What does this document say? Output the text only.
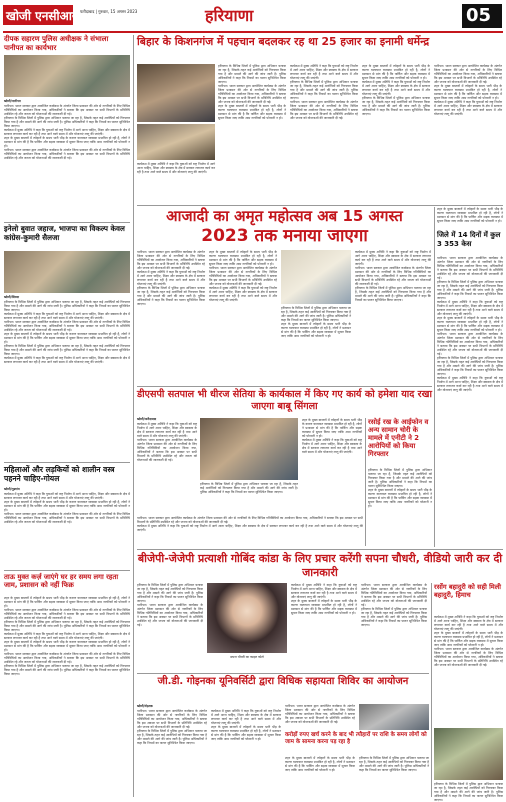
खोजी एनसीआर फरीदाबाद | गुरुवार, 15 अगस्त 2023	हरियाणा	05
दीपक सहारण पुलिस अधीक्षक ने संभाला पानीपत का कार्यभार
खोजी/पानीपत
पानीपत। भारत सरकार द्वारा आयोजित कार्यक्रम के अंतर्गत जिला प्रशासन की ओर से नागरिकों के लिए विभिन्न गतिविधियों का आयोजन किया गया, अधिकारियों ने बताया कि इस अवसर पर सभी विभागों के प्रतिनिधि उपस्थित रहे और जनता को योजनाओं की जानकारी दी गई।
हरियाणा के विभिन्न जिलों में पुलिस द्वारा अभियान चलाया जा रहा है, जिसके तहत कई आरोपियों को गिरफ्तार किया गया है और मामले की आगे की जांच जारी है। पुलिस अधिकारियों ने कहा कि नियमों का पालन सुनिश्चित किया जाएगा।
कार्यक्रम में मुख्य अतिथि ने कहा कि युवाओं को राष्ट्र निर्माण में आगे आना चाहिए, शिक्षा और स्वास्थ्य के क्षेत्र में सरकार लगातार कार्य कर रही है तथा आने वाले समय में और योजनाएं लागू की जाएंगी।
शहर के मुख्य बाजारों में त्योहारों के समय भारी भीड़ के कारण यातायात व्यवस्था प्रभावित हो रही है, लोगों ने प्रशासन से मांग की है कि पार्किंग और सड़क व्यवस्था में सुधार किया जाए ताकि आम नागरिकों को परेशानी न हो।
पानीपत। भारत सरकार द्वारा आयोजित कार्यक्रम के अंतर्गत जिला प्रशासन की ओर से नागरिकों के लिए विभिन्न गतिविधियों का आयोजन किया गया, अधिकारियों ने बताया कि इस अवसर पर सभी विभागों के प्रतिनिधि उपस्थित रहे और जनता को योजनाओं की जानकारी दी गई।
इनेलो बुवात जहाज, भाजपा का विकल्प केवल कांग्रेस-कुमारी सैलजा
खोजी/सिरसा
हरियाणा के विभिन्न जिलों में पुलिस द्वारा अभियान चलाया जा रहा है, जिसके तहत कई आरोपियों को गिरफ्तार किया गया है और मामले की आगे की जांच जारी है। पुलिस अधिकारियों ने कहा कि नियमों का पालन सुनिश्चित किया जाएगा।
कार्यक्रम में मुख्य अतिथि ने कहा कि युवाओं को राष्ट्र निर्माण में आगे आना चाहिए, शिक्षा और स्वास्थ्य के क्षेत्र में सरकार लगातार कार्य कर रही है तथा आने वाले समय में और योजनाएं लागू की जाएंगी।
पानीपत। भारत सरकार द्वारा आयोजित कार्यक्रम के अंतर्गत जिला प्रशासन की ओर से नागरिकों के लिए विभिन्न गतिविधियों का आयोजन किया गया, अधिकारियों ने बताया कि इस अवसर पर सभी विभागों के प्रतिनिधि उपस्थित रहे और जनता को योजनाओं की जानकारी दी गई।
शहर के मुख्य बाजारों में त्योहारों के समय भारी भीड़ के कारण यातायात व्यवस्था प्रभावित हो रही है, लोगों ने प्रशासन से मांग की है कि पार्किंग और सड़क व्यवस्था में सुधार किया जाए ताकि आम नागरिकों को परेशानी न हो।
हरियाणा के विभिन्न जिलों में पुलिस द्वारा अभियान चलाया जा रहा है, जिसके तहत कई आरोपियों को गिरफ्तार किया गया है और मामले की आगे की जांच जारी है। पुलिस अधिकारियों ने कहा कि नियमों का पालन सुनिश्चित किया जाएगा।
कार्यक्रम में मुख्य अतिथि ने कहा कि युवाओं को राष्ट्र निर्माण में आगे आना चाहिए, शिक्षा और स्वास्थ्य के क्षेत्र में सरकार लगातार कार्य कर रही है तथा आने वाले समय में और योजनाएं लागू की जाएंगी।
महिलाओं और लड़कियों को शालीन वस्त्र पहनने चाहिए-गोयल
खोजी/गुडगांव
कार्यक्रम में मुख्य अतिथि ने कहा कि युवाओं को राष्ट्र निर्माण में आगे आना चाहिए, शिक्षा और स्वास्थ्य के क्षेत्र में सरकार लगातार कार्य कर रही है तथा आने वाले समय में और योजनाएं लागू की जाएंगी।
शहर के मुख्य बाजारों में त्योहारों के समय भारी भीड़ के कारण यातायात व्यवस्था प्रभावित हो रही है, लोगों ने प्रशासन से मांग की है कि पार्किंग और सड़क व्यवस्था में सुधार किया जाए ताकि आम नागरिकों को परेशानी न हो।
पानीपत। भारत सरकार द्वारा आयोजित कार्यक्रम के अंतर्गत जिला प्रशासन की ओर से नागरिकों के लिए विभिन्न गतिविधियों का आयोजन किया गया, अधिकारियों ने बताया कि इस अवसर पर सभी विभागों के प्रतिनिधि उपस्थित रहे और जनता को योजनाओं की जानकारी दी गई।
ताऊ मुक्त कर्ज़ जाएंगे घर हर समय लगा रहता जाम, प्रशासन को नहीं फिक्र
शहर के मुख्य बाजारों में त्योहारों के समय भारी भीड़ के कारण यातायात व्यवस्था प्रभावित हो रही है, लोगों ने प्रशासन से मांग की है कि पार्किंग और सड़क व्यवस्था में सुधार किया जाए ताकि आम नागरिकों को परेशानी न हो।
पानीपत। भारत सरकार द्वारा आयोजित कार्यक्रम के अंतर्गत जिला प्रशासन की ओर से नागरिकों के लिए विभिन्न गतिविधियों का आयोजन किया गया, अधिकारियों ने बताया कि इस अवसर पर सभी विभागों के प्रतिनिधि उपस्थित रहे और जनता को योजनाओं की जानकारी दी गई।
हरियाणा के विभिन्न जिलों में पुलिस द्वारा अभियान चलाया जा रहा है, जिसके तहत कई आरोपियों को गिरफ्तार किया गया है और मामले की आगे की जांच जारी है। पुलिस अधिकारियों ने कहा कि नियमों का पालन सुनिश्चित किया जाएगा।
कार्यक्रम में मुख्य अतिथि ने कहा कि युवाओं को राष्ट्र निर्माण में आगे आना चाहिए, शिक्षा और स्वास्थ्य के क्षेत्र में सरकार लगातार कार्य कर रही है तथा आने वाले समय में और योजनाएं लागू की जाएंगी।
शहर के मुख्य बाजारों में त्योहारों के समय भारी भीड़ के कारण यातायात व्यवस्था प्रभावित हो रही है, लोगों ने प्रशासन से मांग की है कि पार्किंग और सड़क व्यवस्था में सुधार किया जाए ताकि आम नागरिकों को परेशानी न हो।
पानीपत। भारत सरकार द्वारा आयोजित कार्यक्रम के अंतर्गत जिला प्रशासन की ओर से नागरिकों के लिए विभिन्न गतिविधियों का आयोजन किया गया, अधिकारियों ने बताया कि इस अवसर पर सभी विभागों के प्रतिनिधि उपस्थित रहे और जनता को योजनाओं की जानकारी दी गई।
हरियाणा के विभिन्न जिलों में पुलिस द्वारा अभियान चलाया जा रहा है, जिसके तहत कई आरोपियों को गिरफ्तार किया गया है और मामले की आगे की जांच जारी है। पुलिस अधिकारियों ने कहा कि नियमों का पालन सुनिश्चित किया जाएगा।
बिहार के किशनगंज में पहचान बदलकर रह था 25 हजार का इनामी धर्मेन्द्र
हरियाणा के विभिन्न जिलों में पुलिस द्वारा अभियान चलाया जा रहा है, जिसके तहत कई आरोपियों को गिरफ्तार किया गया है और मामले की आगे की जांच जारी है। पुलिस अधिकारियों ने कहा कि नियमों का पालन सुनिश्चित किया जाएगा।
पानीपत। भारत सरकार द्वारा आयोजित कार्यक्रम के अंतर्गत जिला प्रशासन की ओर से नागरिकों के लिए विभिन्न गतिविधियों का आयोजन किया गया, अधिकारियों ने बताया कि इस अवसर पर सभी विभागों के प्रतिनिधि उपस्थित रहे और जनता को योजनाओं की जानकारी दी गई।
शहर के मुख्य बाजारों में त्योहारों के समय भारी भीड़ के कारण यातायात व्यवस्था प्रभावित हो रही है, लोगों ने प्रशासन से मांग की है कि पार्किंग और सड़क व्यवस्था में सुधार किया जाए ताकि आम नागरिकों को परेशानी न हो।
कार्यक्रम में मुख्य अतिथि ने कहा कि युवाओं को राष्ट्र निर्माण में आगे आना चाहिए, शिक्षा और स्वास्थ्य के क्षेत्र में सरकार लगातार कार्य कर रही है तथा आने वाले समय में और योजनाएं लागू की जाएंगी।
हरियाणा के विभिन्न जिलों में पुलिस द्वारा अभियान चलाया जा रहा है, जिसके तहत कई आरोपियों को गिरफ्तार किया गया है और मामले की आगे की जांच जारी है। पुलिस अधिकारियों ने कहा कि नियमों का पालन सुनिश्चित किया जाएगा।
पानीपत। भारत सरकार द्वारा आयोजित कार्यक्रम के अंतर्गत जिला प्रशासन की ओर से नागरिकों के लिए विभिन्न गतिविधियों का आयोजन किया गया, अधिकारियों ने बताया कि इस अवसर पर सभी विभागों के प्रतिनिधि उपस्थित रहे और जनता को योजनाओं की जानकारी दी गई।
शहर के मुख्य बाजारों में त्योहारों के समय भारी भीड़ के कारण यातायात व्यवस्था प्रभावित हो रही है, लोगों ने प्रशासन से मांग की है कि पार्किंग और सड़क व्यवस्था में सुधार किया जाए ताकि आम नागरिकों को परेशानी न हो।
कार्यक्रम में मुख्य अतिथि ने कहा कि युवाओं को राष्ट्र निर्माण में आगे आना चाहिए, शिक्षा और स्वास्थ्य के क्षेत्र में सरकार लगातार कार्य कर रही है तथा आने वाले समय में और योजनाएं लागू की जाएंगी।
हरियाणा के विभिन्न जिलों में पुलिस द्वारा अभियान चलाया जा रहा है, जिसके तहत कई आरोपियों को गिरफ्तार किया गया है और मामले की आगे की जांच जारी है। पुलिस अधिकारियों ने कहा कि नियमों का पालन सुनिश्चित किया जाएगा।
पानीपत। भारत सरकार द्वारा आयोजित कार्यक्रम के अंतर्गत जिला प्रशासन की ओर से नागरिकों के लिए विभिन्न गतिविधियों का आयोजन किया गया, अधिकारियों ने बताया कि इस अवसर पर सभी विभागों के प्रतिनिधि उपस्थित रहे और जनता को योजनाओं की जानकारी दी गई।
शहर के मुख्य बाजारों में त्योहारों के समय भारी भीड़ के कारण यातायात व्यवस्था प्रभावित हो रही है, लोगों ने प्रशासन से मांग की है कि पार्किंग और सड़क व्यवस्था में सुधार किया जाए ताकि आम नागरिकों को परेशानी न हो।
कार्यक्रम में मुख्य अतिथि ने कहा कि युवाओं को राष्ट्र निर्माण में आगे आना चाहिए, शिक्षा और स्वास्थ्य के क्षेत्र में सरकार लगातार कार्य कर रही है तथा आने वाले समय में और योजनाएं लागू की जाएंगी।
कार्यक्रम में मुख्य अतिथि ने कहा कि युवाओं को राष्ट्र निर्माण में आगे आना चाहिए, शिक्षा और स्वास्थ्य के क्षेत्र में सरकार लगातार कार्य कर रही है तथा आने वाले समय में और योजनाएं लागू की जाएंगी।
आजादी का अमृत महोत्सव अब 15 अगस्त
2023 तक मनाया जाएगा
पानीपत। भारत सरकार द्वारा आयोजित कार्यक्रम के अंतर्गत जिला प्रशासन की ओर से नागरिकों के लिए विभिन्न गतिविधियों का आयोजन किया गया, अधिकारियों ने बताया कि इस अवसर पर सभी विभागों के प्रतिनिधि उपस्थित रहे और जनता को योजनाओं की जानकारी दी गई।
कार्यक्रम में मुख्य अतिथि ने कहा कि युवाओं को राष्ट्र निर्माण में आगे आना चाहिए, शिक्षा और स्वास्थ्य के क्षेत्र में सरकार लगातार कार्य कर रही है तथा आने वाले समय में और योजनाएं लागू की जाएंगी।
हरियाणा के विभिन्न जिलों में पुलिस द्वारा अभियान चलाया जा रहा है, जिसके तहत कई आरोपियों को गिरफ्तार किया गया है और मामले की आगे की जांच जारी है। पुलिस अधिकारियों ने कहा कि नियमों का पालन सुनिश्चित किया जाएगा।
शहर के मुख्य बाजारों में त्योहारों के समय भारी भीड़ के कारण यातायात व्यवस्था प्रभावित हो रही है, लोगों ने प्रशासन से मांग की है कि पार्किंग और सड़क व्यवस्था में सुधार किया जाए ताकि आम नागरिकों को परेशानी न हो।
पानीपत। भारत सरकार द्वारा आयोजित कार्यक्रम के अंतर्गत जिला प्रशासन की ओर से नागरिकों के लिए विभिन्न गतिविधियों का आयोजन किया गया, अधिकारियों ने बताया कि इस अवसर पर सभी विभागों के प्रतिनिधि उपस्थित रहे और जनता को योजनाओं की जानकारी दी गई।
कार्यक्रम में मुख्य अतिथि ने कहा कि युवाओं को राष्ट्र निर्माण में आगे आना चाहिए, शिक्षा और स्वास्थ्य के क्षेत्र में सरकार लगातार कार्य कर रही है तथा आने वाले समय में और योजनाएं लागू की जाएंगी।
हरियाणा के विभिन्न जिलों में पुलिस द्वारा अभियान चलाया जा रहा है, जिसके तहत कई आरोपियों को गिरफ्तार किया गया है और मामले की आगे की जांच जारी है। पुलिस अधिकारियों ने कहा कि नियमों का पालन सुनिश्चित किया जाएगा।
शहर के मुख्य बाजारों में त्योहारों के समय भारी भीड़ के कारण यातायात व्यवस्था प्रभावित हो रही है, लोगों ने प्रशासन से मांग की है कि पार्किंग और सड़क व्यवस्था में सुधार किया जाए ताकि आम नागरिकों को परेशानी न हो।
कार्यक्रम में मुख्य अतिथि ने कहा कि युवाओं को राष्ट्र निर्माण में आगे आना चाहिए, शिक्षा और स्वास्थ्य के क्षेत्र में सरकार लगातार कार्य कर रही है तथा आने वाले समय में और योजनाएं लागू की जाएंगी।
पानीपत। भारत सरकार द्वारा आयोजित कार्यक्रम के अंतर्गत जिला प्रशासन की ओर से नागरिकों के लिए विभिन्न गतिविधियों का आयोजन किया गया, अधिकारियों ने बताया कि इस अवसर पर सभी विभागों के प्रतिनिधि उपस्थित रहे और जनता को योजनाओं की जानकारी दी गई।
हरियाणा के विभिन्न जिलों में पुलिस द्वारा अभियान चलाया जा रहा है, जिसके तहत कई आरोपियों को गिरफ्तार किया गया है और मामले की आगे की जांच जारी है। पुलिस अधिकारियों ने कहा कि नियमों का पालन सुनिश्चित किया जाएगा।
शहर के मुख्य बाजारों में त्योहारों के समय भारी भीड़ के कारण यातायात व्यवस्था प्रभावित हो रही है, लोगों ने प्रशासन से मांग की है कि पार्किंग और सड़क व्यवस्था में सुधार किया जाए ताकि आम नागरिकों को परेशानी न हो।
जिले में 14 दिनों में कुल 3 353 केस
पानीपत। भारत सरकार द्वारा आयोजित कार्यक्रम के अंतर्गत जिला प्रशासन की ओर से नागरिकों के लिए विभिन्न गतिविधियों का आयोजन किया गया, अधिकारियों ने बताया कि इस अवसर पर सभी विभागों के प्रतिनिधि उपस्थित रहे और जनता को योजनाओं की जानकारी दी गई।
हरियाणा के विभिन्न जिलों में पुलिस द्वारा अभियान चलाया जा रहा है, जिसके तहत कई आरोपियों को गिरफ्तार किया गया है और मामले की आगे की जांच जारी है। पुलिस अधिकारियों ने कहा कि नियमों का पालन सुनिश्चित किया जाएगा।
कार्यक्रम में मुख्य अतिथि ने कहा कि युवाओं को राष्ट्र निर्माण में आगे आना चाहिए, शिक्षा और स्वास्थ्य के क्षेत्र में सरकार लगातार कार्य कर रही है तथा आने वाले समय में और योजनाएं लागू की जाएंगी।
शहर के मुख्य बाजारों में त्योहारों के समय भारी भीड़ के कारण यातायात व्यवस्था प्रभावित हो रही है, लोगों ने प्रशासन से मांग की है कि पार्किंग और सड़क व्यवस्था में सुधार किया जाए ताकि आम नागरिकों को परेशानी न हो।
पानीपत। भारत सरकार द्वारा आयोजित कार्यक्रम के अंतर्गत जिला प्रशासन की ओर से नागरिकों के लिए विभिन्न गतिविधियों का आयोजन किया गया, अधिकारियों ने बताया कि इस अवसर पर सभी विभागों के प्रतिनिधि उपस्थित रहे और जनता को योजनाओं की जानकारी दी गई।
हरियाणा के विभिन्न जिलों में पुलिस द्वारा अभियान चलाया जा रहा है, जिसके तहत कई आरोपियों को गिरफ्तार किया गया है और मामले की आगे की जांच जारी है। पुलिस अधिकारियों ने कहा कि नियमों का पालन सुनिश्चित किया जाएगा।
कार्यक्रम में मुख्य अतिथि ने कहा कि युवाओं को राष्ट्र निर्माण में आगे आना चाहिए, शिक्षा और स्वास्थ्य के क्षेत्र में सरकार लगातार कार्य कर रही है तथा आने वाले समय में और योजनाएं लागू की जाएंगी।
डीएसपी सतपाल भी धीरज सेतिया के कार्यकाल में किए गए कार्य को हमेशा याद रखा जाएगा बाबू सिंगला
खोजी/फरीदाबाद
कार्यक्रम में मुख्य अतिथि ने कहा कि युवाओं को राष्ट्र निर्माण में आगे आना चाहिए, शिक्षा और स्वास्थ्य के क्षेत्र में सरकार लगातार कार्य कर रही है तथा आने वाले समय में और योजनाएं लागू की जाएंगी।
पानीपत। भारत सरकार द्वारा आयोजित कार्यक्रम के अंतर्गत जिला प्रशासन की ओर से नागरिकों के लिए विभिन्न गतिविधियों का आयोजन किया गया, अधिकारियों ने बताया कि इस अवसर पर सभी विभागों के प्रतिनिधि उपस्थित रहे और जनता को योजनाओं की जानकारी दी गई।
हरियाणा के विभिन्न जिलों में पुलिस द्वारा अभियान चलाया जा रहा है, जिसके तहत कई आरोपियों को गिरफ्तार किया गया है और मामले की आगे की जांच जारी है। पुलिस अधिकारियों ने कहा कि नियमों का पालन सुनिश्चित किया जाएगा।
शहर के मुख्य बाजारों में त्योहारों के समय भारी भीड़ के कारण यातायात व्यवस्था प्रभावित हो रही है, लोगों ने प्रशासन से मांग की है कि पार्किंग और सड़क व्यवस्था में सुधार किया जाए ताकि आम नागरिकों को परेशानी न हो।
कार्यक्रम में मुख्य अतिथि ने कहा कि युवाओं को राष्ट्र निर्माण में आगे आना चाहिए, शिक्षा और स्वास्थ्य के क्षेत्र में सरकार लगातार कार्य कर रही है तथा आने वाले समय में और योजनाएं लागू की जाएंगी।
रसोई रख के आईफोन व अन्य सामान चोरी के मामले में एनीटी ने 2 आरोपियों को किया गिरफ्तार
हरियाणा के विभिन्न जिलों में पुलिस द्वारा अभियान चलाया जा रहा है, जिसके तहत कई आरोपियों को गिरफ्तार किया गया है और मामले की आगे की जांच जारी है। पुलिस अधिकारियों ने कहा कि नियमों का पालन सुनिश्चित किया जाएगा।
शहर के मुख्य बाजारों में त्योहारों के समय भारी भीड़ के कारण यातायात व्यवस्था प्रभावित हो रही है, लोगों ने प्रशासन से मांग की है कि पार्किंग और सड़क व्यवस्था में सुधार किया जाए ताकि आम नागरिकों को परेशानी न हो।
पानीपत। भारत सरकार द्वारा आयोजित कार्यक्रम के अंतर्गत जिला प्रशासन की ओर से नागरिकों के लिए विभिन्न गतिविधियों का आयोजन किया गया, अधिकारियों ने बताया कि इस अवसर पर सभी विभागों के प्रतिनिधि उपस्थित रहे और जनता को योजनाओं की जानकारी दी गई।
कार्यक्रम में मुख्य अतिथि ने कहा कि युवाओं को राष्ट्र निर्माण में आगे आना चाहिए, शिक्षा और स्वास्थ्य के क्षेत्र में सरकार लगातार कार्य कर रही है तथा आने वाले समय में और योजनाएं लागू की जाएंगी।
बीजेपी-जेजेपी प्रत्याशी गोबिंद कांडा के लिए प्रचार करेंगी सपना चौधरी, वीडियो जारी कर दी जानकारी
हरियाणा के विभिन्न जिलों में पुलिस द्वारा अभियान चलाया जा रहा है, जिसके तहत कई आरोपियों को गिरफ्तार किया गया है और मामले की आगे की जांच जारी है। पुलिस अधिकारियों ने कहा कि नियमों का पालन सुनिश्चित किया जाएगा।
पानीपत। भारत सरकार द्वारा आयोजित कार्यक्रम के अंतर्गत जिला प्रशासन की ओर से नागरिकों के लिए विभिन्न गतिविधियों का आयोजन किया गया, अधिकारियों ने बताया कि इस अवसर पर सभी विभागों के प्रतिनिधि उपस्थित रहे और जनता को योजनाओं की जानकारी दी गई।
सपना चौधरी का फाइल फोटो
कार्यक्रम में मुख्य अतिथि ने कहा कि युवाओं को राष्ट्र निर्माण में आगे आना चाहिए, शिक्षा और स्वास्थ्य के क्षेत्र में सरकार लगातार कार्य कर रही है तथा आने वाले समय में और योजनाएं लागू की जाएंगी।
शहर के मुख्य बाजारों में त्योहारों के समय भारी भीड़ के कारण यातायात व्यवस्था प्रभावित हो रही है, लोगों ने प्रशासन से मांग की है कि पार्किंग और सड़क व्यवस्था में सुधार किया जाए ताकि आम नागरिकों को परेशानी न हो।
पानीपत। भारत सरकार द्वारा आयोजित कार्यक्रम के अंतर्गत जिला प्रशासन की ओर से नागरिकों के लिए विभिन्न गतिविधियों का आयोजन किया गया, अधिकारियों ने बताया कि इस अवसर पर सभी विभागों के प्रतिनिधि उपस्थित रहे और जनता को योजनाओं की जानकारी दी गई।
हरियाणा के विभिन्न जिलों में पुलिस द्वारा अभियान चलाया जा रहा है, जिसके तहत कई आरोपियों को गिरफ्तार किया गया है और मामले की आगे की जांच जारी है। पुलिस अधिकारियों ने कहा कि नियमों का पालन सुनिश्चित किया जाएगा।
रसोंग बहादुरी को सही मिली बहादुरी, हिमाच
कार्यक्रम में मुख्य अतिथि ने कहा कि युवाओं को राष्ट्र निर्माण में आगे आना चाहिए, शिक्षा और स्वास्थ्य के क्षेत्र में सरकार लगातार कार्य कर रही है तथा आने वाले समय में और योजनाएं लागू की जाएंगी।
शहर के मुख्य बाजारों में त्योहारों के समय भारी भीड़ के कारण यातायात व्यवस्था प्रभावित हो रही है, लोगों ने प्रशासन से मांग की है कि पार्किंग और सड़क व्यवस्था में सुधार किया जाए ताकि आम नागरिकों को परेशानी न हो।
पानीपत। भारत सरकार द्वारा आयोजित कार्यक्रम के अंतर्गत जिला प्रशासन की ओर से नागरिकों के लिए विभिन्न गतिविधियों का आयोजन किया गया, अधिकारियों ने बताया कि इस अवसर पर सभी विभागों के प्रतिनिधि उपस्थित रहे और जनता को योजनाओं की जानकारी दी गई।
हरियाणा के विभिन्न जिलों में पुलिस द्वारा अभियान चलाया जा रहा है, जिसके तहत कई आरोपियों को गिरफ्तार किया गया है और मामले की आगे की जांच जारी है। पुलिस अधिकारियों ने कहा कि नियमों का पालन सुनिश्चित किया जाएगा।
जी.डी. गोइनका यूनिवर्सिटी द्वारा विधिक सहायता शिविर का आयोजन
खोजी/रोहतक
पानीपत। भारत सरकार द्वारा आयोजित कार्यक्रम के अंतर्गत जिला प्रशासन की ओर से नागरिकों के लिए विभिन्न गतिविधियों का आयोजन किया गया, अधिकारियों ने बताया कि इस अवसर पर सभी विभागों के प्रतिनिधि उपस्थित रहे और जनता को योजनाओं की जानकारी दी गई।
हरियाणा के विभिन्न जिलों में पुलिस द्वारा अभियान चलाया जा रहा है, जिसके तहत कई आरोपियों को गिरफ्तार किया गया है और मामले की आगे की जांच जारी है। पुलिस अधिकारियों ने कहा कि नियमों का पालन सुनिश्चित किया जाएगा।
कार्यक्रम में मुख्य अतिथि ने कहा कि युवाओं को राष्ट्र निर्माण में आगे आना चाहिए, शिक्षा और स्वास्थ्य के क्षेत्र में सरकार लगातार कार्य कर रही है तथा आने वाले समय में और योजनाएं लागू की जाएंगी।
शहर के मुख्य बाजारों में त्योहारों के समय भारी भीड़ के कारण यातायात व्यवस्था प्रभावित हो रही है, लोगों ने प्रशासन से मांग की है कि पार्किंग और सड़क व्यवस्था में सुधार किया जाए ताकि आम नागरिकों को परेशानी न हो।
पानीपत। भारत सरकार द्वारा आयोजित कार्यक्रम के अंतर्गत जिला प्रशासन की ओर से नागरिकों के लिए विभिन्न गतिविधियों का आयोजन किया गया, अधिकारियों ने बताया कि इस अवसर पर सभी विभागों के प्रतिनिधि उपस्थित रहे और जनता को योजनाओं की जानकारी दी गई।
करोड़ों रुपए खर्च करने के बाद भी त्यौहारों पर राशि के समय लोगों को जाम के सामना करना पड़ रहा है
शहर के मुख्य बाजारों में त्योहारों के समय भारी भीड़ के कारण यातायात व्यवस्था प्रभावित हो रही है, लोगों ने प्रशासन से मांग की है कि पार्किंग और सड़क व्यवस्था में सुधार किया जाए ताकि आम नागरिकों को परेशानी न हो।
हरियाणा के विभिन्न जिलों में पुलिस द्वारा अभियान चलाया जा रहा है, जिसके तहत कई आरोपियों को गिरफ्तार किया गया है और मामले की आगे की जांच जारी है। पुलिस अधिकारियों ने कहा कि नियमों का पालन सुनिश्चित किया जाएगा।
